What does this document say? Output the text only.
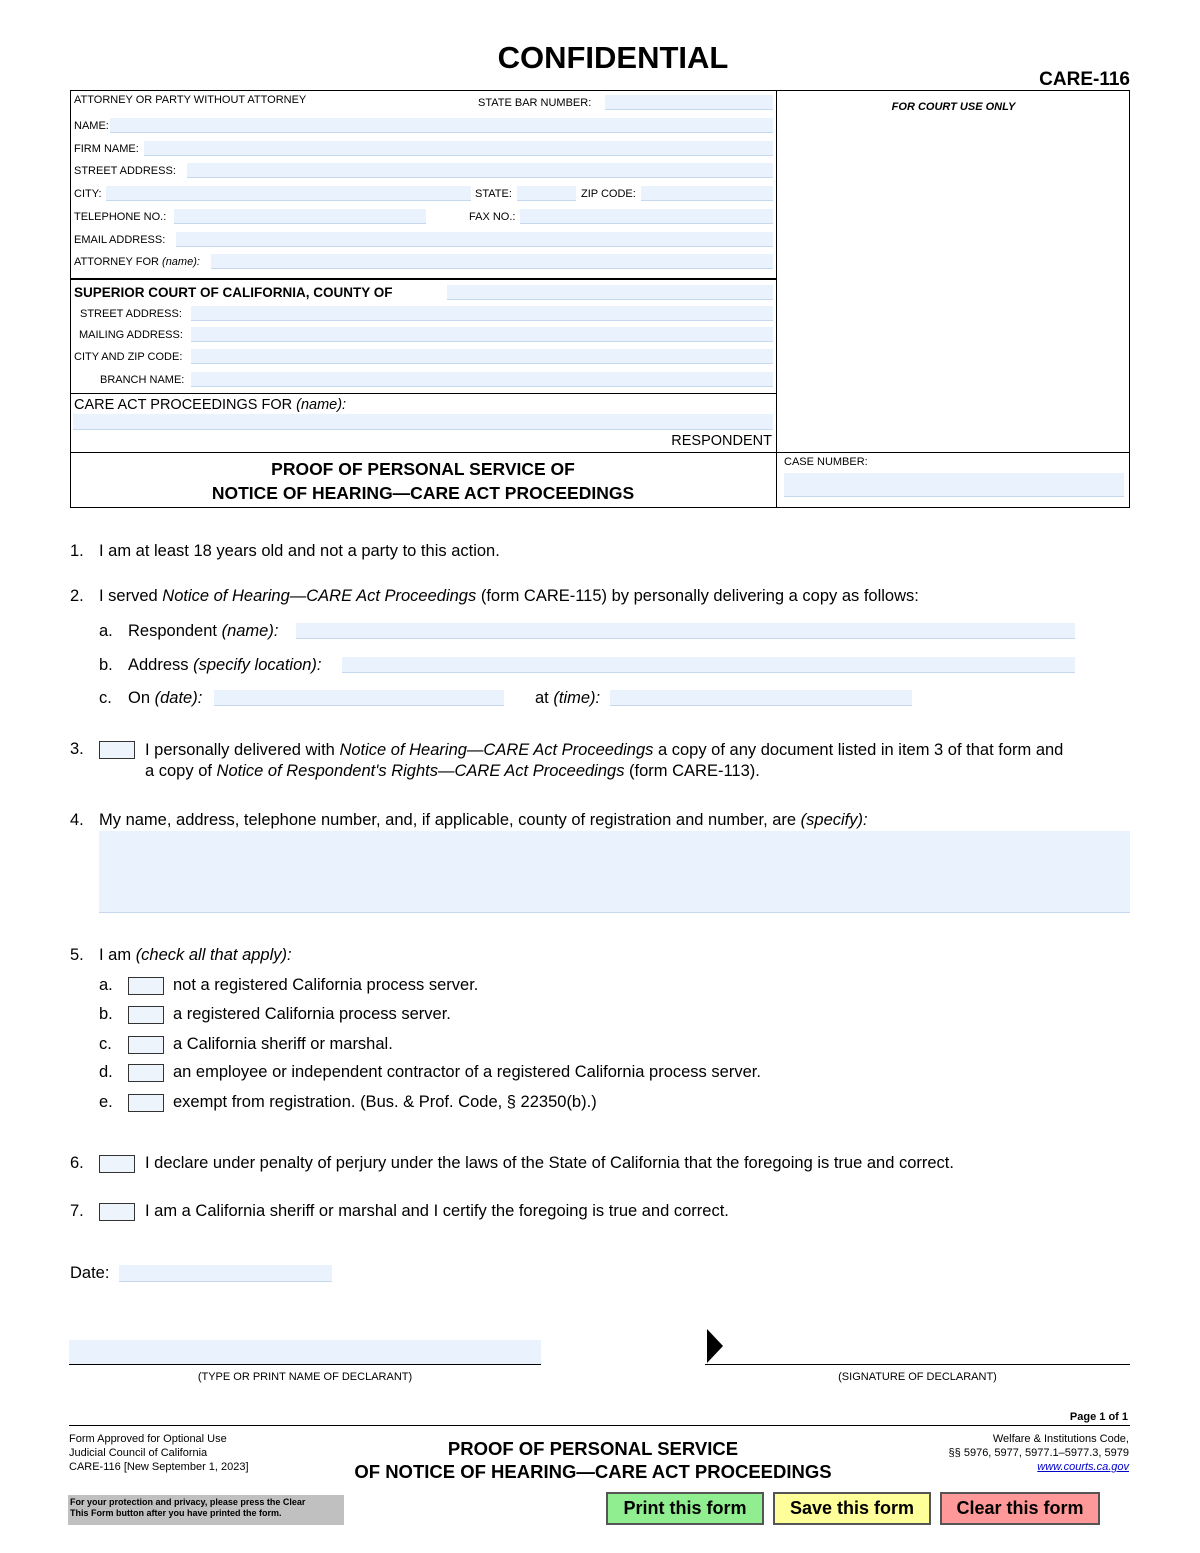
CONFIDENTIAL
CARE-116
ATTORNEY OR PARTY WITHOUT ATTORNEY	STATE BAR NUMBER:
NAME:
FIRM NAME:
STREET ADDRESS:
CITY:	STATE:	ZIP CODE:
TELEPHONE NO.:	FAX NO.:
EMAIL ADDRESS:
ATTORNEY FOR (name):
SUPERIOR COURT OF CALIFORNIA, COUNTY OF
STREET ADDRESS:
MAILING ADDRESS:
CITY AND ZIP CODE:
BRANCH NAME:
CARE ACT PROCEEDINGS FOR (name):
RESPONDENT
PROOF OF PERSONAL SERVICE OF
NOTICE OF HEARING—CARE ACT PROCEEDINGS
FOR COURT USE ONLY
CASE NUMBER:
1. I am at least 18 years old and not a party to this action.
2. I served Notice of Hearing—CARE Act Proceedings (form CARE-115) by personally delivering a copy as follows:
a. Respondent (name):
b. Address (specify location):
c. On (date):	at (time):
3.	I personally delivered with Notice of Hearing—CARE Act Proceedings a copy of any document listed in item 3 of that form and
a copy of Notice of Respondent's Rights—CARE Act Proceedings (form CARE-113).
4. My name, address, telephone number, and, if applicable, county of registration and number, are (specify):
5. I am (check all that apply):
a.	not a registered California process server.
b.	a registered California process server.
c.	a California sheriff or marshal.
d.	an employee or independent contractor of a registered California process server.
e.	exempt from registration. (Bus. & Prof. Code, § 22350(b).)
6.	I declare under penalty of perjury under the laws of the State of California that the foregoing is true and correct.
7.	I am a California sheriff or marshal and I certify the foregoing is true and correct.
Date:
(TYPE OR PRINT NAME OF DECLARANT)	(SIGNATURE OF DECLARANT)
Page 1 of 1
Form Approved for Optional Use
Judicial Council of California
CARE-116 [New September 1, 2023]
PROOF OF PERSONAL SERVICE
OF NOTICE OF HEARING—CARE ACT PROCEEDINGS
Welfare & Institutions Code,
§§ 5976, 5977, 5977.1–5977.3, 5979
www.courts.ca.gov
For your protection and privacy, please press the Clear
This Form button after you have printed the form.	Print this form	Save this form	Clear this form
